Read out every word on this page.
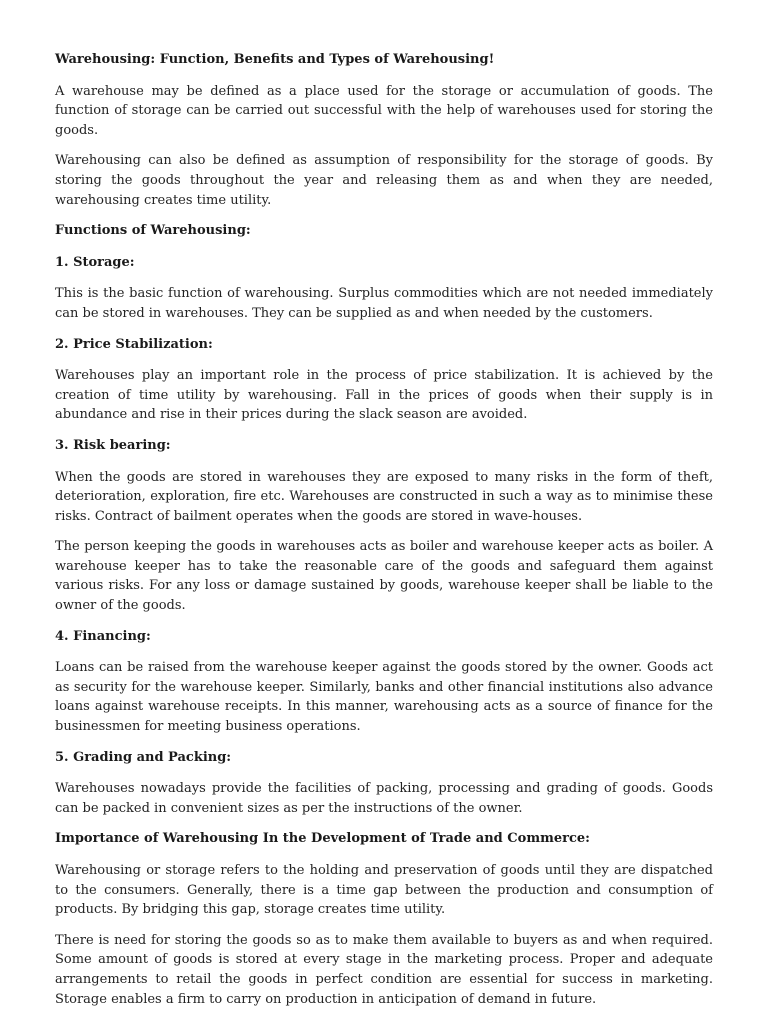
Warehousing: Function, Benefits and Types of Warehousing!

A warehouse may be defined as a place used for the storage or accumulation of goods. The function of storage can be carried out successful with the help of warehouses used for storing the goods.

Warehousing can also be defined as assumption of responsibility for the storage of goods. By storing the goods throughout the year and releasing them as and when they are needed, warehousing creates time utility.

Functions of Warehousing:

1. Storage:

This is the basic function of warehousing. Surplus commodities which are not needed immediately can be stored in warehouses. They can be supplied as and when needed by the customers.

2. Price Stabilization:

Warehouses play an important role in the process of price stabilization. It is achieved by the creation of time utility by warehousing. Fall in the prices of goods when their supply is in abundance and rise in their prices during the slack season are avoided.

3. Risk bearing:

When the goods are stored in warehouses they are exposed to many risks in the form of theft, deterioration, exploration, fire etc. Warehouses are constructed in such a way as to minimise these risks. Contract of bailment operates when the goods are stored in wave-houses.

The person keeping the goods in warehouses acts as boiler and warehouse keeper acts as boiler. A warehouse keeper has to take the reasonable care of the goods and safeguard them against various risks. For any loss or damage sustained by goods, warehouse keeper shall be liable to the owner of the goods.

4. Financing:

Loans can be raised from the warehouse keeper against the goods stored by the owner. Goods act as security for the warehouse keeper. Similarly, banks and other financial institutions also advance loans against warehouse receipts. In this manner, warehousing acts as a source of finance for the businessmen for meeting business operations.

5. Grading and Packing:

Warehouses nowadays provide the facilities of packing, processing and grading of goods. Goods can be packed in convenient sizes as per the instructions of the owner.

Importance of Warehousing In the Development of Trade and Commerce:

Warehousing or storage refers to the holding and preservation of goods until they are dispatched to the consumers. Generally, there is a time gap between the production and consumption of products. By bridging this gap, storage creates time utility.

There is need for storing the goods so as to make them available to buyers as and when required. Some amount of goods is stored at every stage in the marketing process. Proper and adequate arrangements to retail the goods in perfect condition are essential for success in marketing. Storage enables a firm to carry on production in anticipation of demand in future.
